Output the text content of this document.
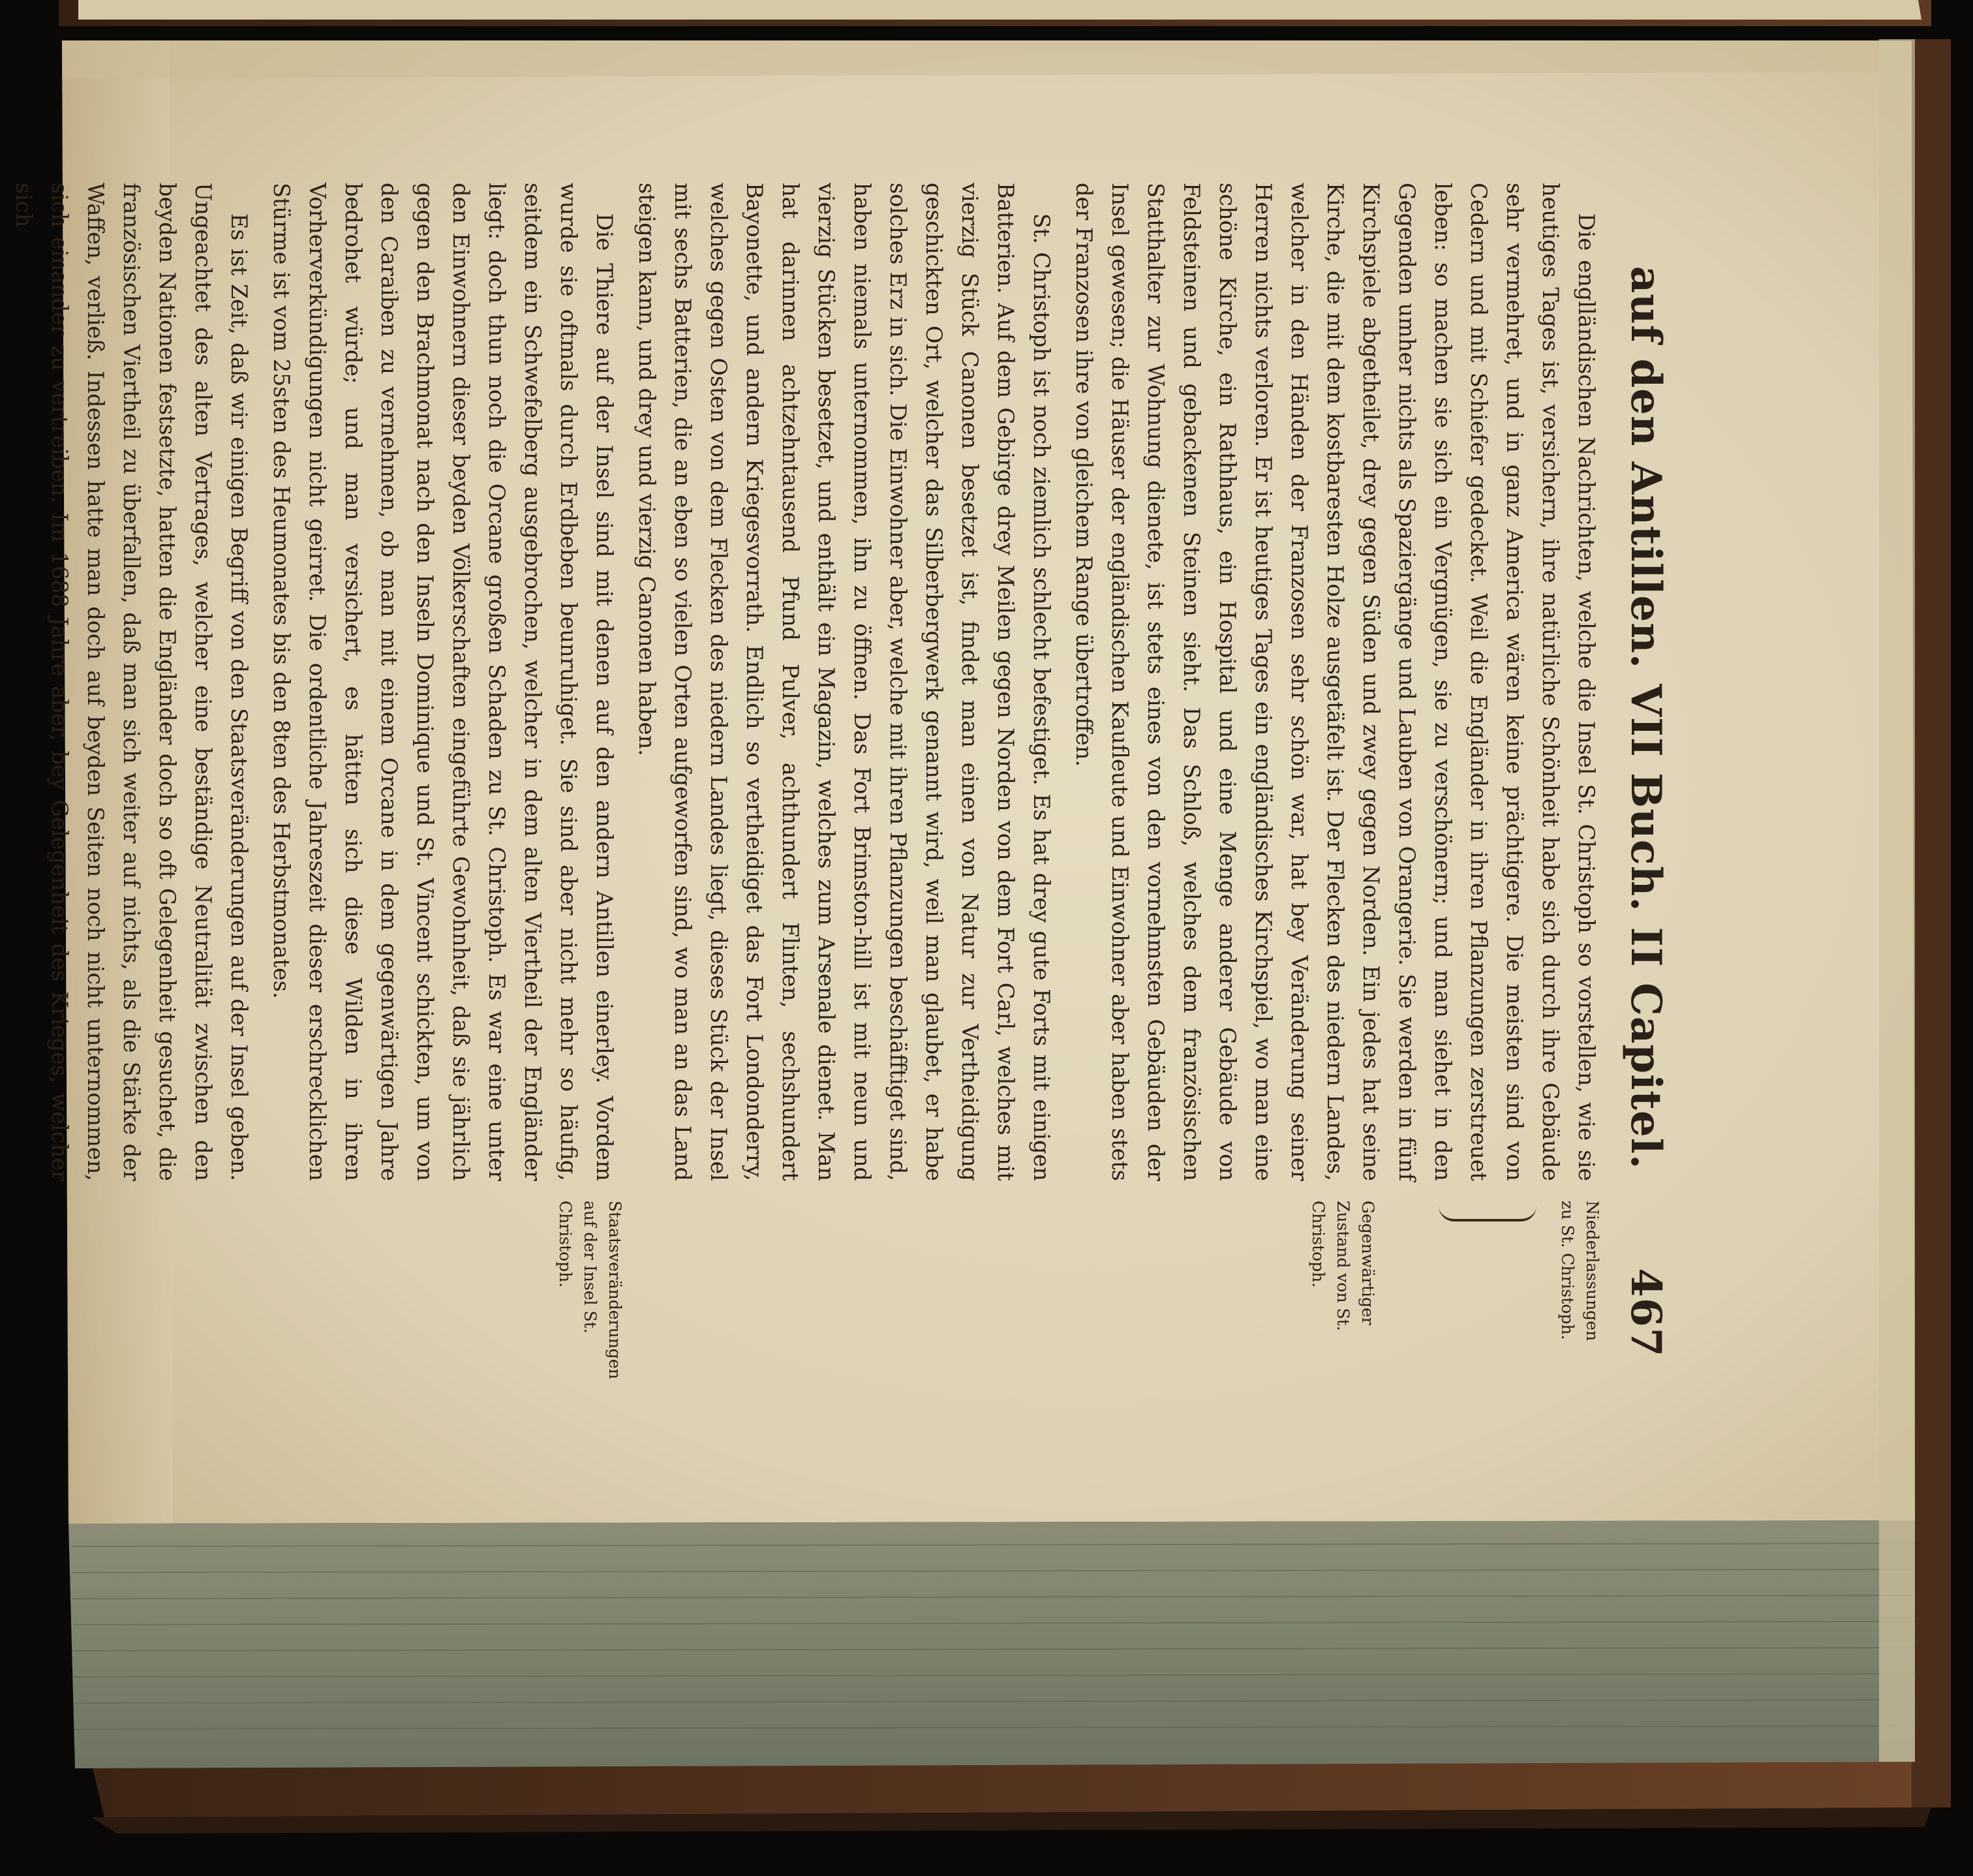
auf den Antillen. VII Buch. II Capitel.
467

Die englländischen Nachrichten, welche die Insel St. Christoph so vorstellen, wie sie heutiges Tages ist, versichern, ihre natürliche Schönheit habe sich durch ihre Gebäude sehr vermehret, und in ganz America wären keine prächtigere. Die meisten sind von Cedern und mit Schiefer gedecket. Weil die Engländer in ihren Pflanzungen zerstreuet leben: so machen sie sich ein Vergnügen, sie zu verschönern; und man siehet in den Gegenden umher nichts als Spaziergänge und Lauben von Orangerie. Sie werden in fünf Kirchspiele abgetheilet, drey gegen Süden und zwey gegen Norden. Ein jedes hat seine Kirche, die mit dem kostbaresten Holze ausgetäfelt ist. Der Flecken des niedern Landes, welcher in den Händen der Franzosen sehr schön war, hat bey Veränderung seiner Herren nichts verloren. Er ist heutiges Tages ein engländisches Kirchspiel, wo man eine schöne Kirche, ein Rathhaus, ein Hospital und eine Menge anderer Gebäude von Feldsteinen und gebackenen Steinen sieht. Das Schloß, welches dem französischen Statthalter zur Wohnung dienete, ist stets eines von den vornehmsten Gebäuden der Insel gewesen; die Häuser der engländischen Kaufleute und Einwohner aber haben stets der Franzosen ihre von gleichem Range übertroffen.

St. Christoph ist noch ziemlich schlecht befestiget. Es hat drey gute Forts mit einigen Batterien. Auf dem Gebirge drey Meilen gegen Norden von dem Fort Carl, welches mit vierzig Stück Canonen besetzet ist, findet man einen von Natur zur Vertheidigung geschickten Ort, welcher das Silberbergwerk genannt wird, weil man glaubet, er habe solches Erz in sich. Die Einwohner aber, welche mit ihren Pflanzungen beschäfftiget sind, haben niemals unternommen, ihn zu öffnen. Das Fort Brimston-hill ist mit neun und vierzig Stücken besetzet, und enthält ein Magazin, welches zum Arsenale dienet. Man hat darinnen achtzehntausend Pfund Pulver, achthundert Flinten, sechshundert Bayonette, und andern Kriegesvorrath. Endlich so vertheidiget das Fort Londonderry, welches gegen Osten von dem Flecken des niedern Landes liegt, dieses Stück der Insel mit sechs Batterien, die an eben so vielen Orten aufgeworfen sind, wo man an das Land steigen kann, und drey und vierzig Canonen haben.

Die Thiere auf der Insel sind mit denen auf den andern Antillen einerley. Vordem wurde sie oftmals durch Erdbeben beunruhiget. Sie sind aber nicht mehr so häufig, seitdem ein Schwefelberg ausgebrochen, welcher in dem alten Viertheil der Engländer liegt: doch thun noch die Orcane großen Schaden zu St. Christoph. Es war eine unter den Einwohnern dieser beyden Völkerschaften eingeführte Gewohnheit, daß sie jährlich gegen den Brachmonat nach den Inseln Dominique und St. Vincent schickten, um von den Caraiben zu vernehmen, ob man mit einem Orcane in dem gegenwärtigen Jahre bedrohet würde; und man versichert, es hätten sich diese Wilden in ihren Vorherverkündigungen nicht geirret. Die ordentliche Jahreszeit dieser erschrecklichen Stürme ist vom 25sten des Heumonates bis den 8ten des Herbstmonates.

Es ist Zeit, daß wir einigen Begriff von den Staatsveränderungen auf der Insel geben. Ungeachtet des alten Vertrages, welcher eine beständige Neutralität zwischen den beyden Nationen festsetzte, hatten die Engländer doch so oft Gelegenheit gesuchet, die französischen Viertheil zu überfallen, daß man sich weiter auf nichts, als die Stärke der Waffen, verließ. Indessen hatte man doch auf beyden Seiten noch nicht unternommen, sich einander zu vertreiben. Im 1688 Jahre aber, bey Gelegenheit des Krieges, welcher sich

Niederlassungen zu St. Christoph.
Gegenwärtiger Zustand von St. Christoph.
Staatsveränderungen auf der Insel St. Christoph.
